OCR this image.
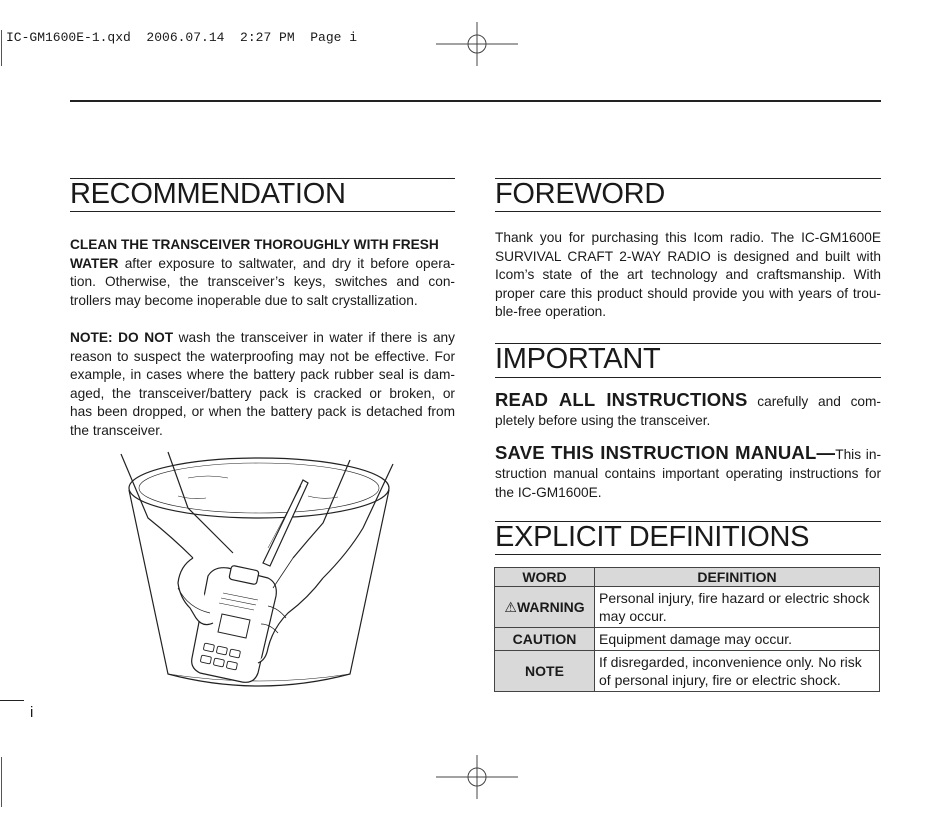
IC-GM1600E-1.qxd  2006.07.14  2:27 PM  Page i
RECOMMENDATION
CLEAN THE TRANSCEIVER THOROUGHLY WITH FRESH
WATER after exposure to saltwater, and dry it before opera-
tion. Otherwise, the transceiver’s keys, switches and con-
trollers may become inoperable due to salt crystallization.
NOTE: DO NOT wash the transceiver in water if there is any
reason to suspect the waterproofing may not be effective. For
example, in cases where the battery pack rubber seal is dam-
aged, the transceiver/battery pack is cracked or broken, or
has been dropped, or when the battery pack is detached from
the transceiver.
i
FOREWORD
Thank you for purchasing this Icom radio. The IC-GM1600E
SURVIVAL CRAFT 2-WAY RADIO is designed and built with
Icom’s state of the art technology and craftsmanship. With
proper care this product should provide you with years of trou-
ble-free operation.
IMPORTANT
READ ALL INSTRUCTIONS carefully and com-
pletely before using the transceiver.
SAVE THIS INSTRUCTION MANUAL—This in-
struction manual contains important operating instructions for
the IC-GM1600E.
EXPLICIT DEFINITIONS
WORD	DEFINITION
⚠WARNING	Personal injury, fire hazard or electric shock may occur.
CAUTION	Equipment damage may occur.
NOTE	If disregarded, inconvenience only. No risk of personal injury, fire or electric shock.
